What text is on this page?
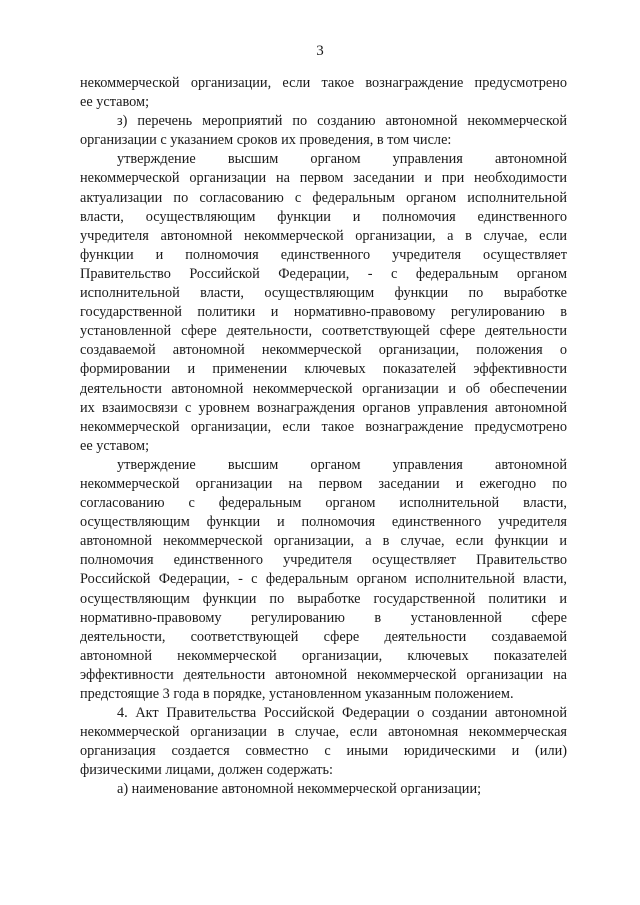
3
некоммерческой организации, если такое вознаграждение предусмотрено
ее уставом;
з) перечень мероприятий по созданию автономной некоммерческой
организации с указанием сроков их проведения, в том числе:
утверждение высшим органом управления автономной
некоммерческой организации на первом заседании и при необходимости
актуализации по согласованию с федеральным органом исполнительной
власти, осуществляющим функции и полномочия единственного
учредителя автономной некоммерческой организации, а в случае, если
функции и полномочия единственного учредителя осуществляет
Правительство Российской Федерации, - с федеральным органом
исполнительной власти, осуществляющим функции по выработке
государственной политики и нормативно-правовому регулированию в
установленной сфере деятельности, соответствующей сфере деятельности
создаваемой автономной некоммерческой организации, положения о
формировании и применении ключевых показателей эффективности
деятельности автономной некоммерческой организации и об обеспечении
их взаимосвязи с уровнем вознаграждения органов управления автономной
некоммерческой организации, если такое вознаграждение предусмотрено
ее уставом;
утверждение высшим органом управления автономной
некоммерческой организации на первом заседании и ежегодно по
согласованию с федеральным органом исполнительной власти,
осуществляющим функции и полномочия единственного учредителя
автономной некоммерческой организации, а в случае, если функции и
полномочия единственного учредителя осуществляет Правительство
Российской Федерации, - с федеральным органом исполнительной власти,
осуществляющим функции по выработке государственной политики и
нормативно-правовому регулированию в установленной сфере
деятельности, соответствующей сфере деятельности создаваемой
автономной некоммерческой организации, ключевых показателей
эффективности деятельности автономной некоммерческой организации на
предстоящие 3 года в порядке, установленном указанным положением.
4. Акт Правительства Российской Федерации о создании автономной
некоммерческой организации в случае, если автономная некоммерческая
организация создается совместно с иными юридическими и (или)
физическими лицами, должен содержать:
а) наименование автономной некоммерческой организации;
